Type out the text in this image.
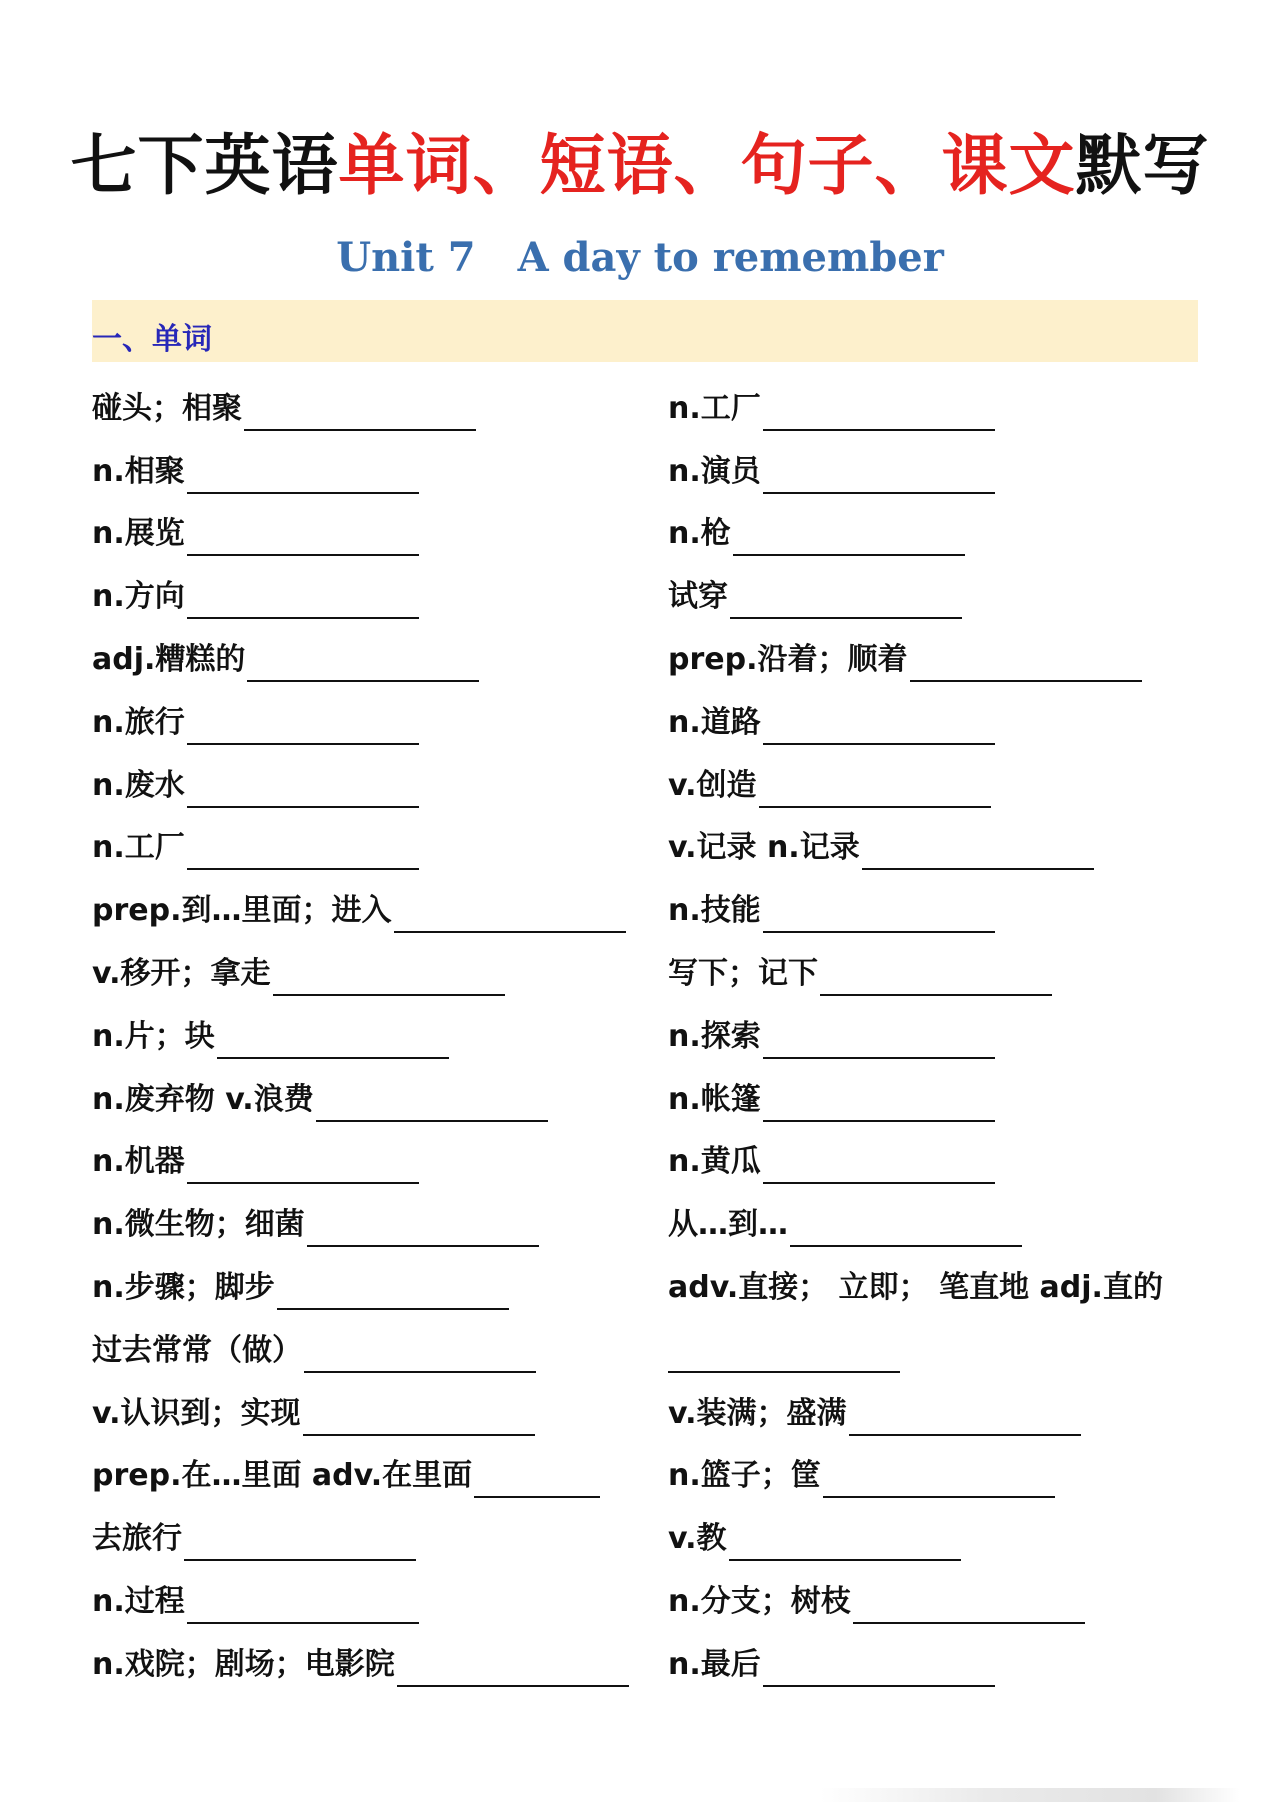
七下英语单词、短语、句子、课文默写
Unit 7 A day to remember
一、单词
碰头；相聚
n.相聚
n.展览
n.方向
adj.糟糕的
n.旅行
n.废水
n.工厂
prep.到…里面；进入
v.移开；拿走
n.片；块
n.废弃物 v.浪费
n.机器
n.微生物；细菌
n.步骤；脚步
过去常常（做）
v.认识到；实现
prep.在…里面 adv.在里面
去旅行
n.过程
n.戏院；剧场；电影院
n.工厂
n.演员
n.枪
试穿
prep.沿着；顺着
n.道路
v.创造
v.记录 n.记录
n.技能
写下；记下
n.探索
n.帐篷
n.黄瓜
从…到…
adv.直接； 立即； 笔直地 adj.直的
v.装满；盛满
n.篮子；筐
v.教
n.分支；树枝
n.最后
